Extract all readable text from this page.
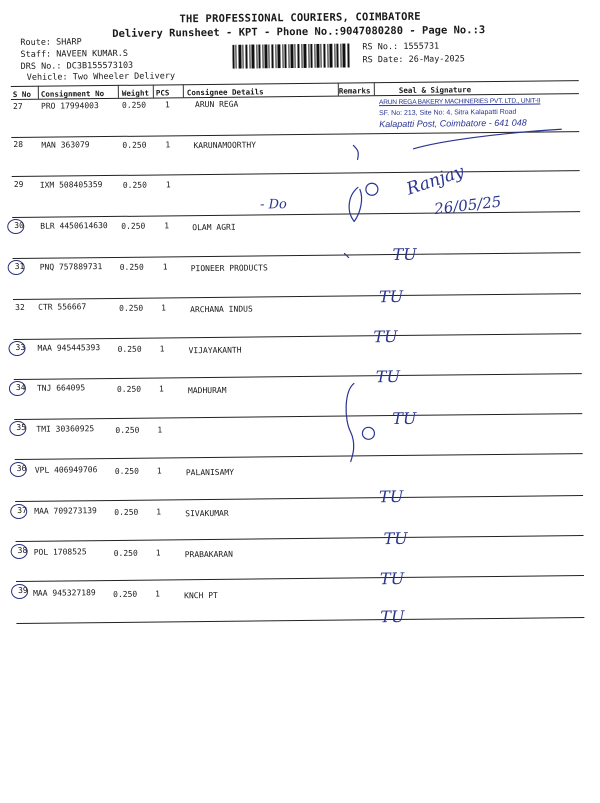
THE PROFESSIONAL COURIERS, COIMBATORE
Delivery Runsheet - KPT - Phone No.:9047080280 - Page No.:3
Route: SHARP
Staff: NAVEEN KUMAR.S
DRS No.: DC3B155573103
Vehicle: Two Wheeler Delivery
RS No.: 1555731
RS Date: 26-May-2025
S No Consignment No Weight PCS Consignee Details	Remarks	Seal & Signature
27 PRO 17994003	0.250 1	ARUN REGA
28 MAN 363079	0.250 1	KARUNAMOORTHY
29 IXM 508405359	0.250 1
30 BLR 4450614630 0.250 1	OLAM AGRI
31 PNQ 757889731 0.250 1	PIONEER PRODUCTS
32 CTR 556667	0.250 1	ARCHANA INDUS
33 MAA 945445393 0.250 1	VIJAYAKANTH
34 TNJ 664095	0.250 1	MADHURAM
35 TMI 30360925	0.250 1
36 VPL 406949706 0.250 1	PALANISAMY
37 MAA 709273139 0.250 1	SIVAKUMAR
38 POL 1708525	0.250 1	PRABAKARAN
39 MAA 945327189 0.250 1	KNCH PT
ARUN REGA BAKERY MACHINERIES PVT. LTD., UNIT-II
SF. No: 213, Site No: 4, Sitra Kalapatti Road
Kalapatti Post, Coimbatore - 641 048
- Do
Ranjay
26/05/25
TU
TU
TU
TU
TU
TU
TU
TU
TU
